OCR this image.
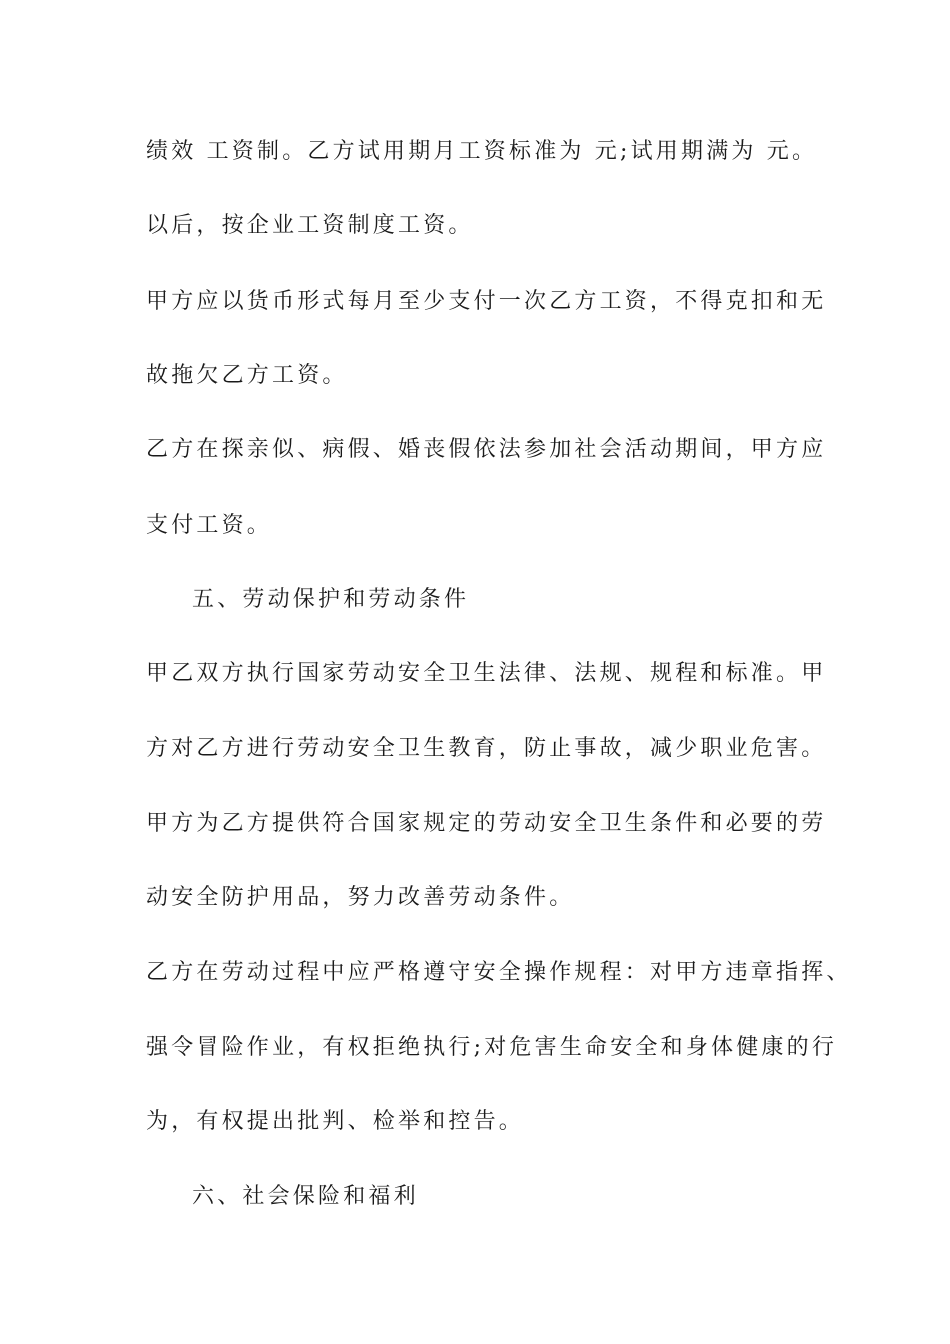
绩效 工资制。乙方试用期月工资标准为 元;试用期满为 元。
以后，按企业工资制度工资。
甲方应以货币形式每月至少支付一次乙方工资，不得克扣和无
故拖欠乙方工资。
乙方在探亲似、病假、婚丧假依法参加社会活动期间，甲方应
支付工资。
五、劳动保护和劳动条件
甲乙双方执行国家劳动安全卫生法律、法规、规程和标准。甲
方对乙方进行劳动安全卫生教育，防止事故，减少职业危害。
甲方为乙方提供符合国家规定的劳动安全卫生条件和必要的劳
动安全防护用品，努力改善劳动条件。
乙方在劳动过程中应严格遵守安全操作规程：对甲方违章指挥、
强令冒险作业，有权拒绝执行;对危害生命安全和身体健康的行
为，有权提出批判、检举和控告。
六、社会保险和福利
